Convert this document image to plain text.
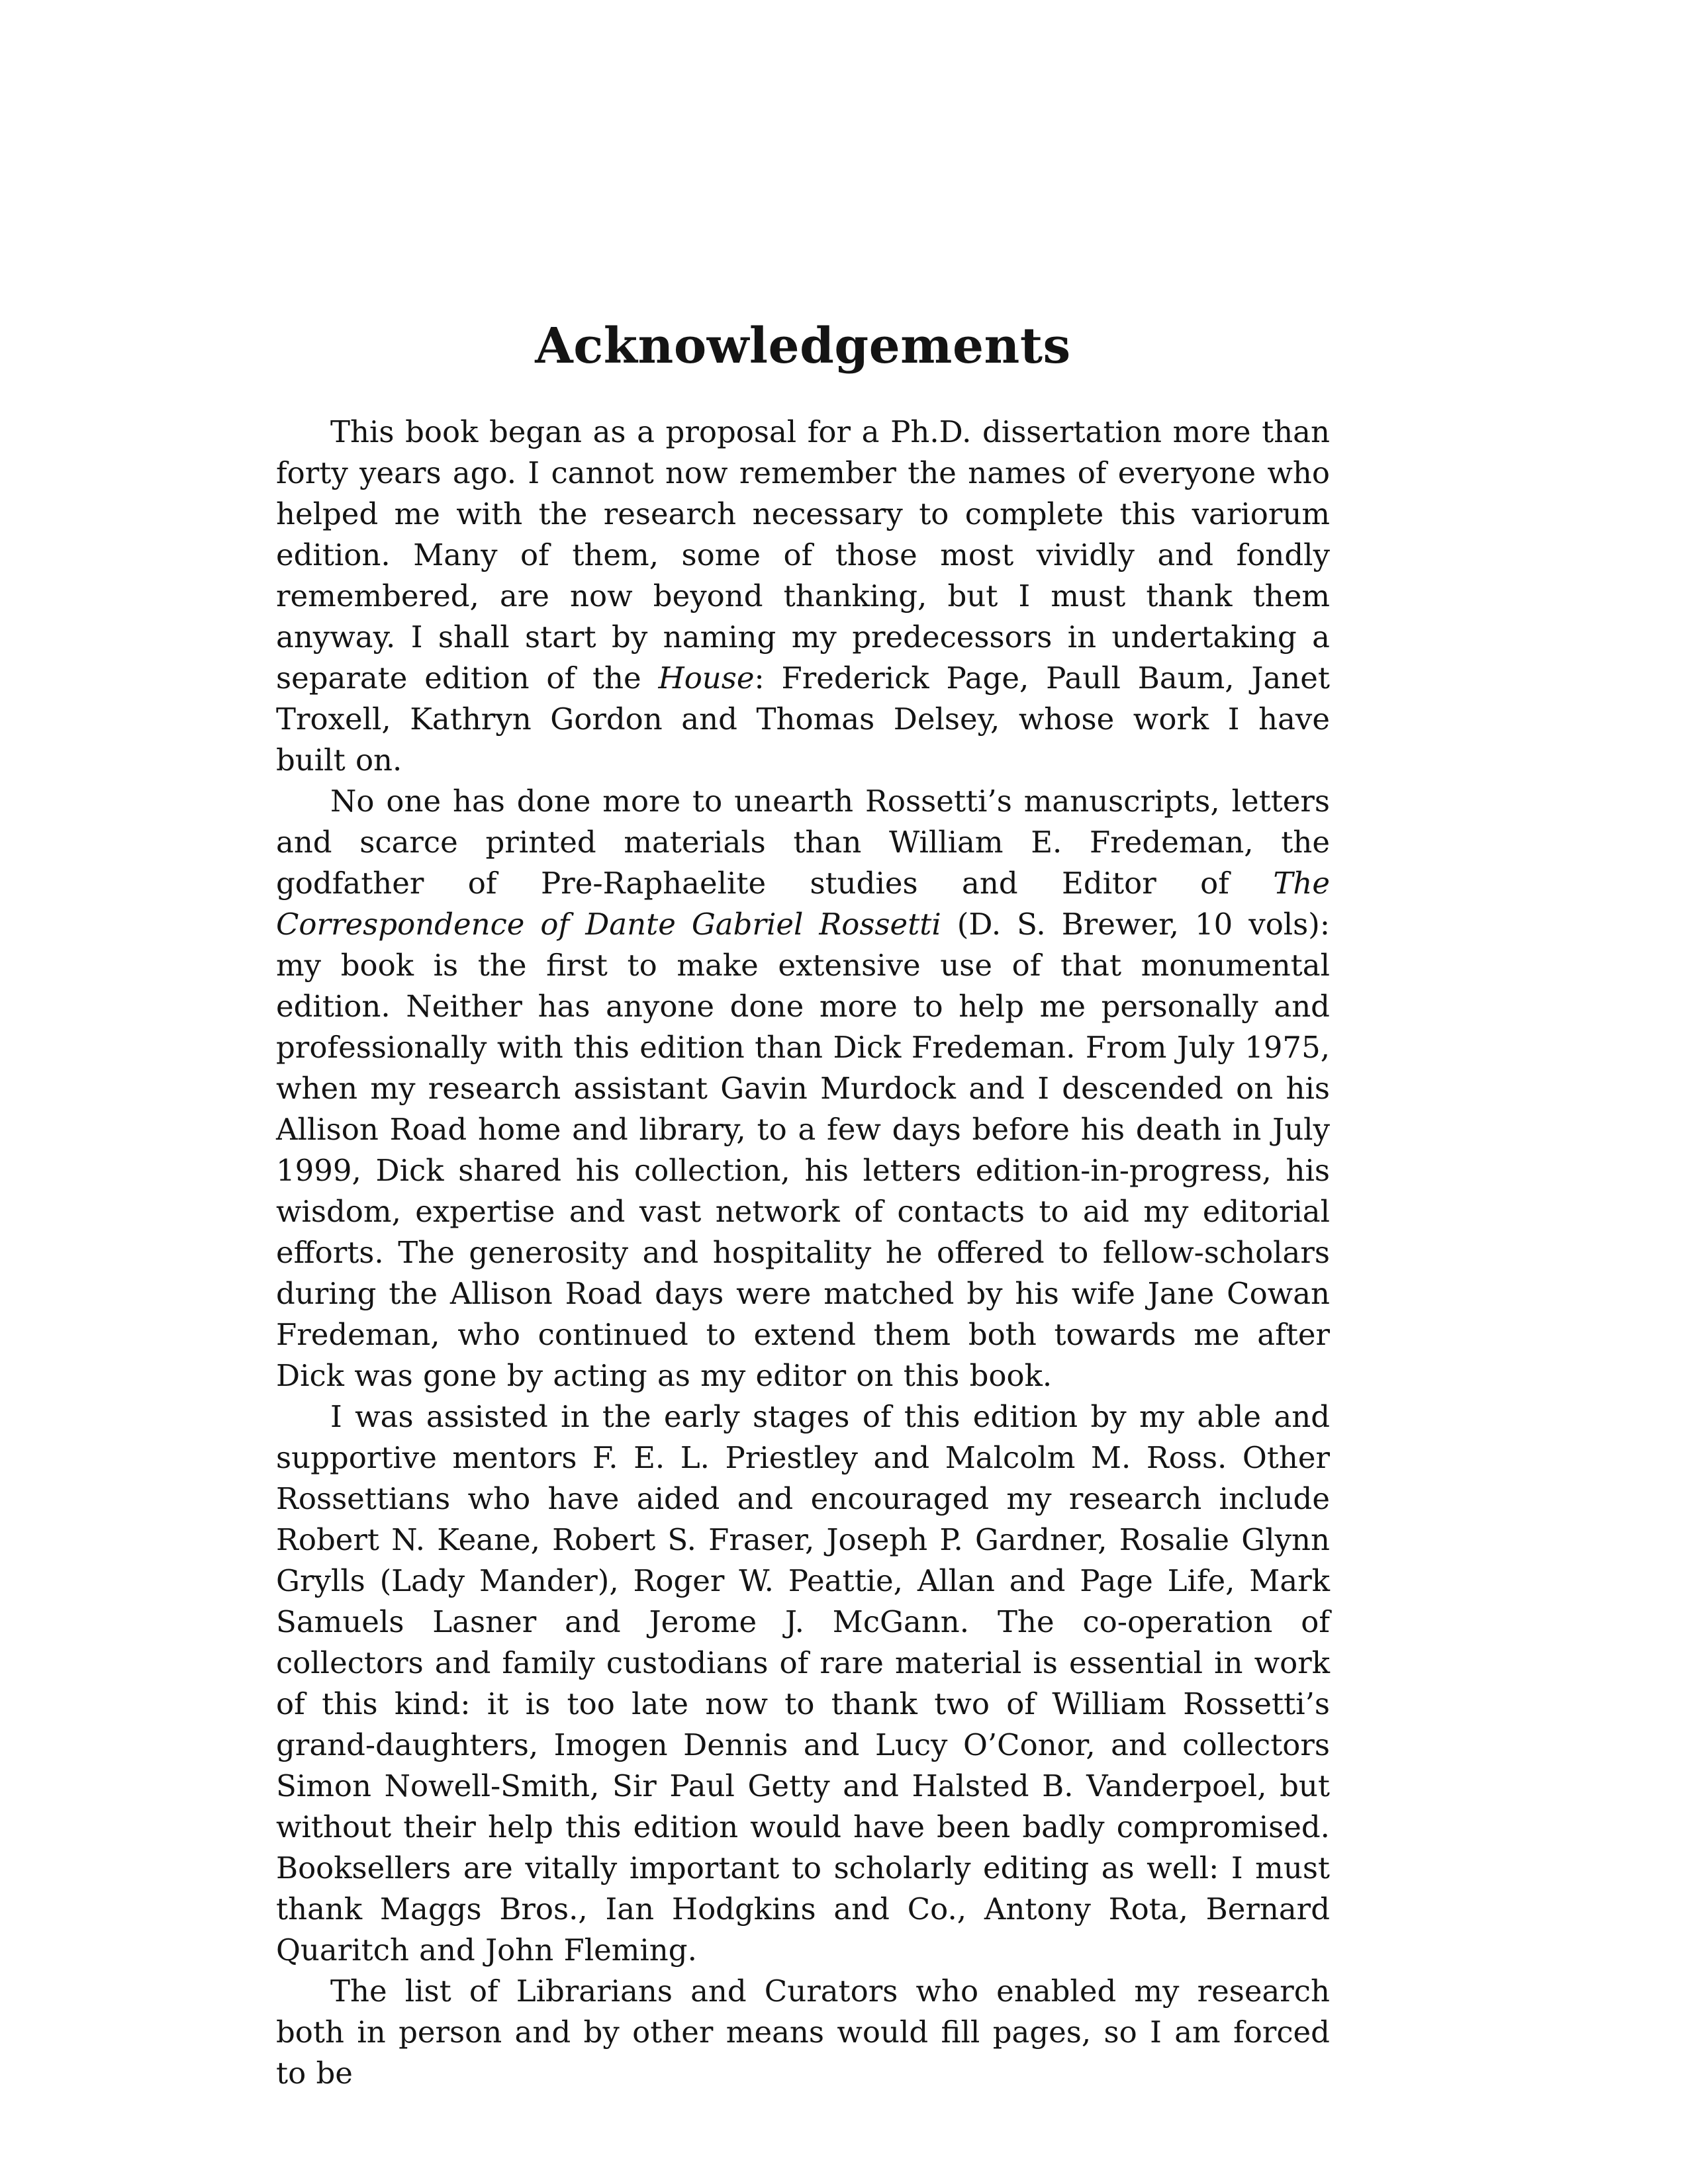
Acknowledgements

This book began as a proposal for a Ph.D. dissertation more than forty years ago. I cannot now remember the names of everyone who helped me with the research necessary to complete this variorum edition. Many of them, some of those most vividly and fondly remembered, are now beyond thanking, but I must thank them anyway. I shall start by naming my predecessors in undertaking a separate edition of the House: Frederick Page, Paull Baum, Janet Troxell, Kathryn Gordon and Thomas Delsey, whose work I have built on.

No one has done more to unearth Rossetti’s manuscripts, letters and scarce printed materials than William E. Fredeman, the godfather of Pre-Raphaelite studies and Editor of The Correspondence of Dante Gabriel Rossetti (D. S. Brewer, 10 vols): my book is the first to make extensive use of that monumental edition. Neither has anyone done more to help me personally and professionally with this edition than Dick Fredeman. From July 1975, when my research assistant Gavin Murdock and I descended on his Allison Road home and library, to a few days before his death in July 1999, Dick shared his collection, his letters edition-in-progress, his wisdom, expertise and vast network of contacts to aid my editorial efforts. The generosity and hospitality he offered to fellow-scholars during the Allison Road days were matched by his wife Jane Cowan Fredeman, who continued to extend them both towards me after Dick was gone by acting as my editor on this book.

I was assisted in the early stages of this edition by my able and supportive mentors F. E. L. Priestley and Malcolm M. Ross. Other Rossettians who have aided and encouraged my research include Robert N. Keane, Robert S. Fraser, Joseph P. Gardner, Rosalie Glynn Grylls (Lady Mander), Roger W. Peattie, Allan and Page Life, Mark Samuels Lasner and Jerome J. McGann. The co-operation of collectors and family custodians of rare material is essential in work of this kind: it is too late now to thank two of William Rossetti’s grand-daughters, Imogen Dennis and Lucy O’Conor, and collectors Simon Nowell-Smith, Sir Paul Getty and Halsted B. Vanderpoel, but without their help this edition would have been badly compromised. Booksellers are vitally important to scholarly editing as well: I must thank Maggs Bros., Ian Hodgkins and Co., Antony Rota, Bernard Quaritch and John Fleming.

The list of Librarians and Curators who enabled my research both in person and by other means would fill pages, so I am forced to be
